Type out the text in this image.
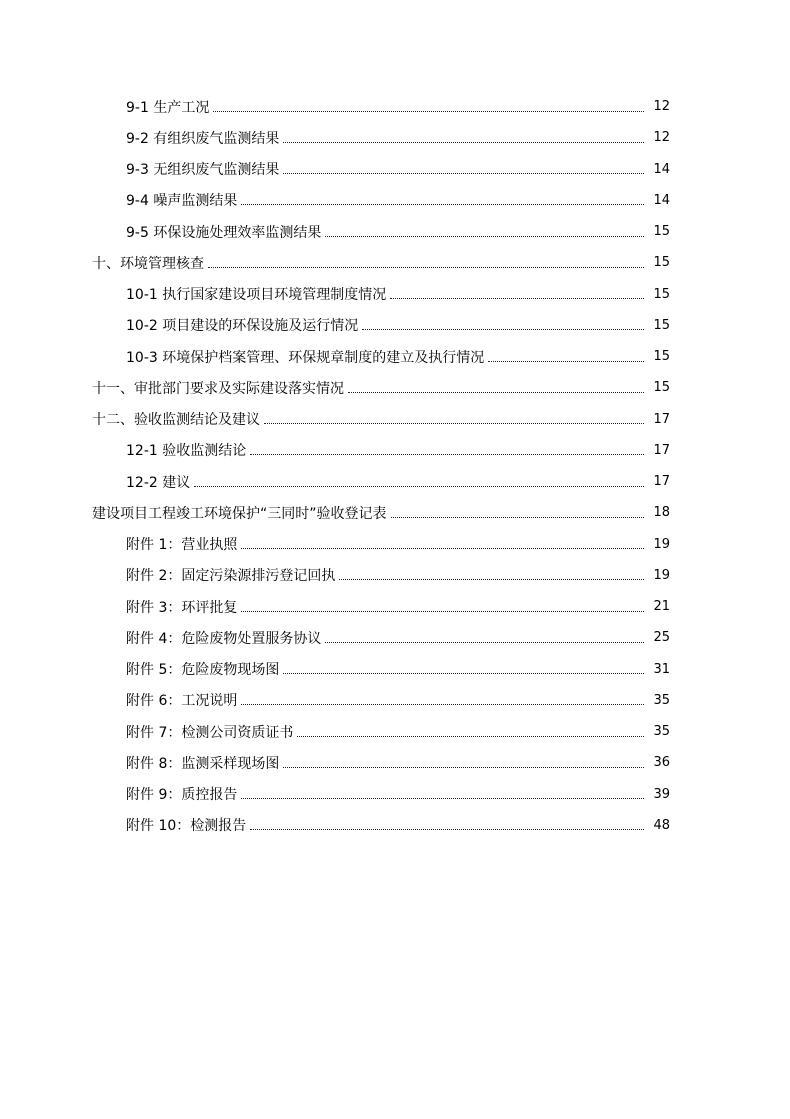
9-1 生产工况	12
9-2 有组织废气监测结果	12
9-3 无组织废气监测结果	14
9-4 噪声监测结果	14
9-5 环保设施处理效率监测结果	15
十、环境管理核查	15
10-1 执行国家建设项目环境管理制度情况	15
10-2 项目建设的环保设施及运行情况	15
10-3 环境保护档案管理、环保规章制度的建立及执行情况	15
十一、审批部门要求及实际建设落实情况	15
十二、验收监测结论及建议	17
12-1 验收监测结论	17
12-2 建议	17
建设项目工程竣工环境保护“三同时”验收登记表	18
附件 1：营业执照	19
附件 2：固定污染源排污登记回执	19
附件 3：环评批复	21
附件 4：危险废物处置服务协议	25
附件 5：危险废物现场图	31
附件 6：工况说明	35
附件 7：检测公司资质证书	35
附件 8：监测采样现场图	36
附件 9：质控报告	39
附件 10：检测报告	48
